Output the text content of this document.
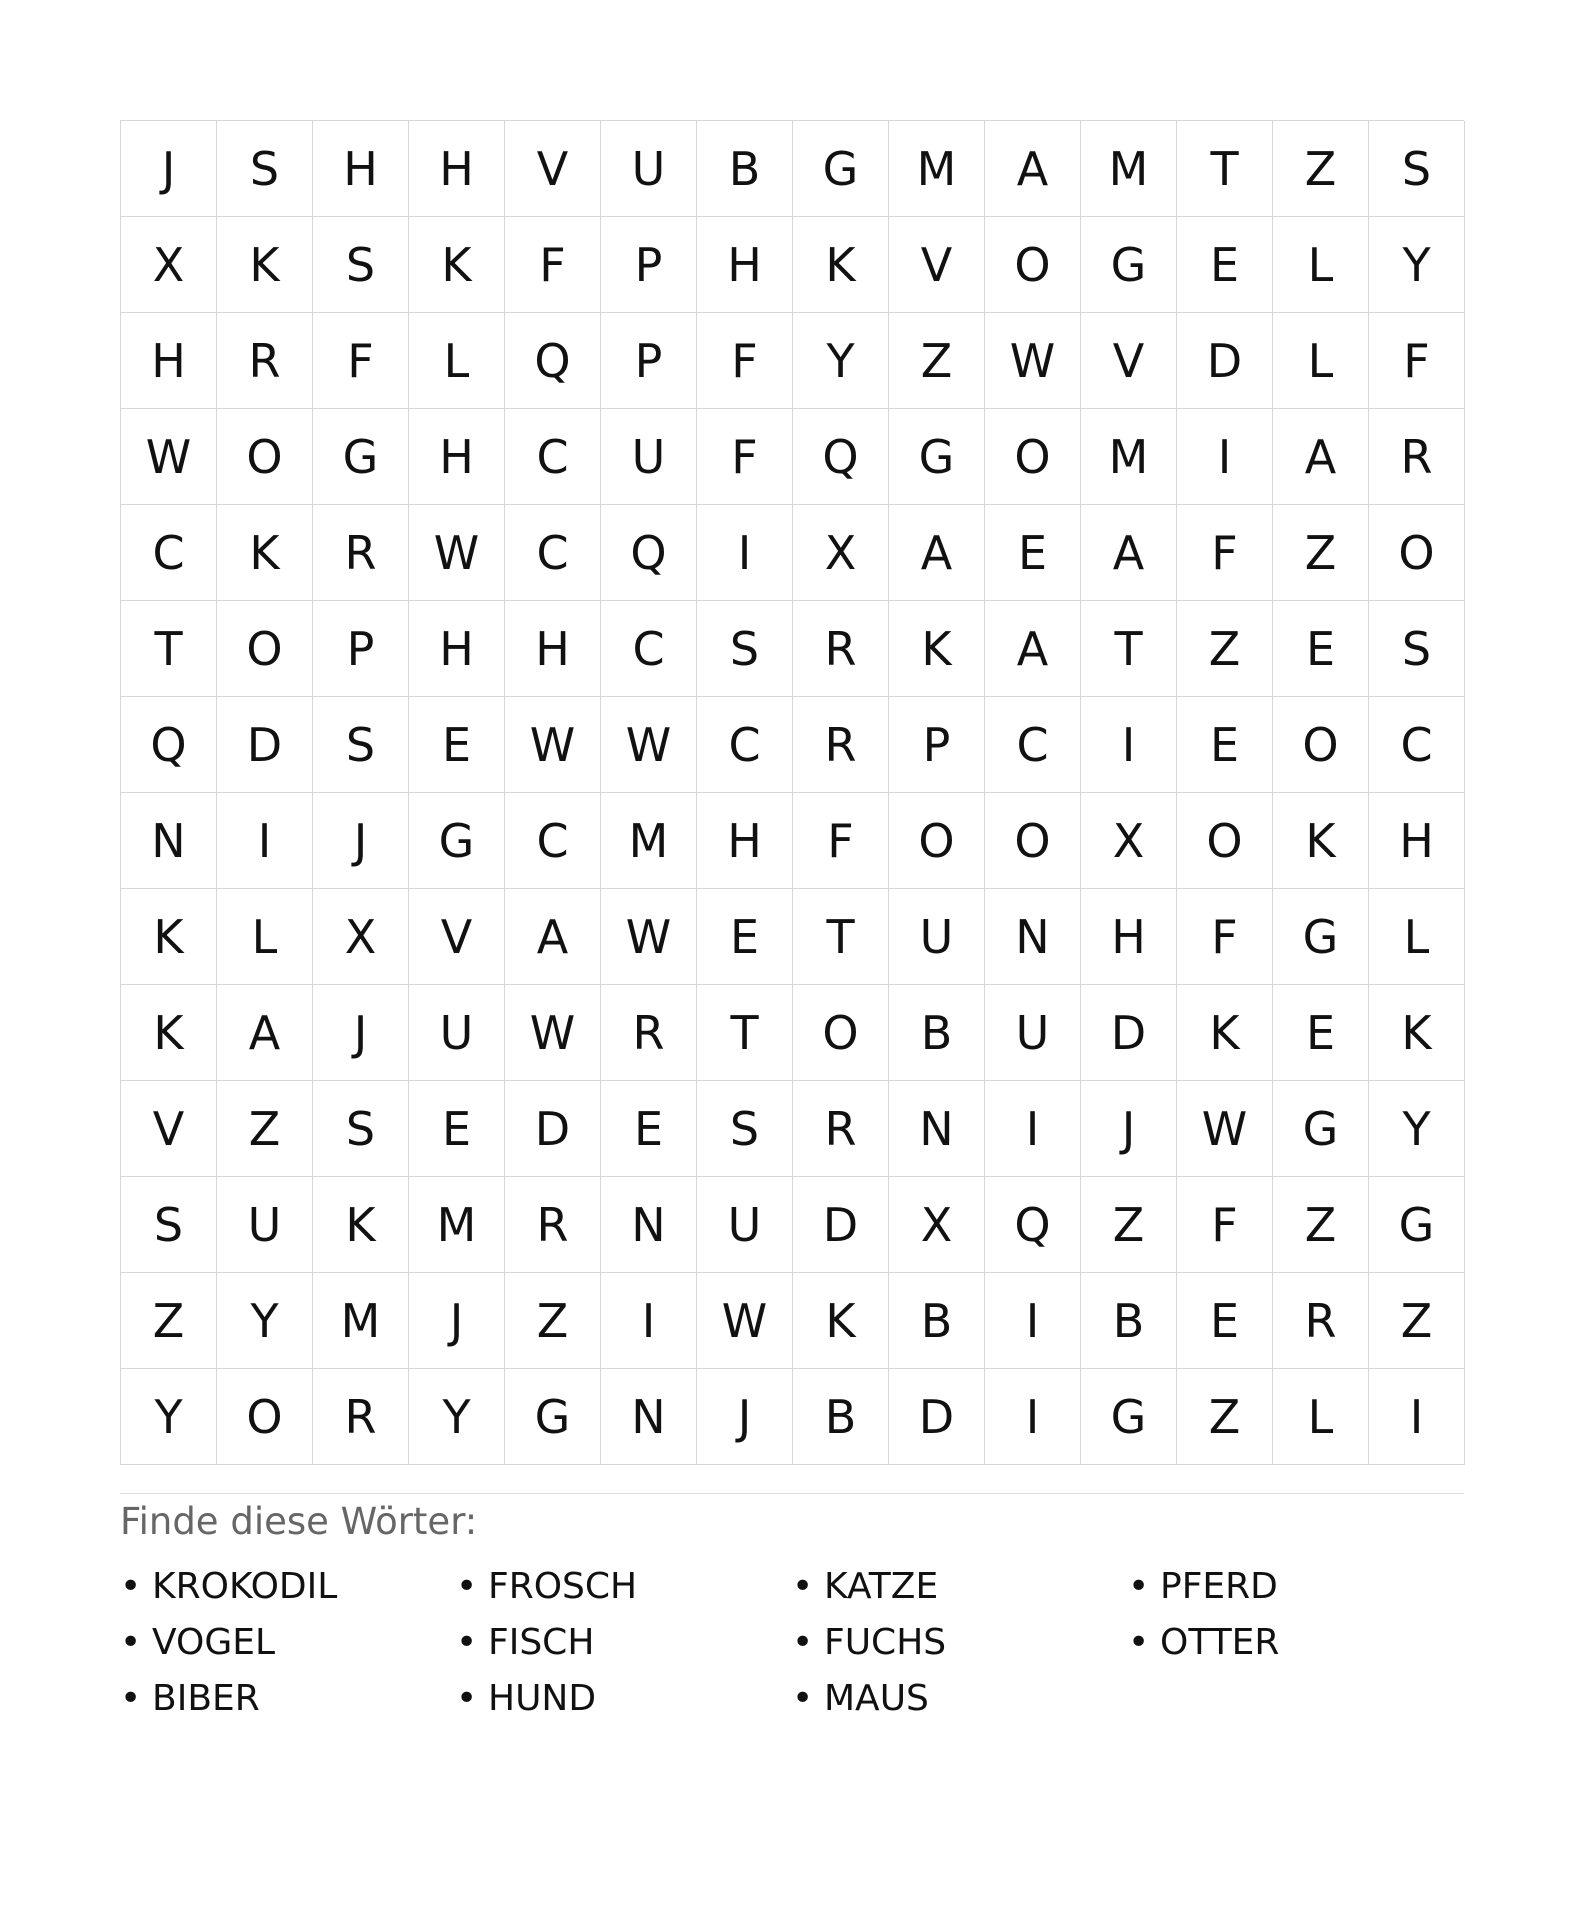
J	S	H	H	V	U	B	G	M	A	M	T	Z	S
X	K	S	K	F	P	H	K	V	O	G	E	L	Y
H	R	F	L	Q	P	F	Y	Z	W	V	D	L	F
W	O	G	H	C	U	F	Q	G	O	M	I	A	R
C	K	R	W	C	Q	I	X	A	E	A	F	Z	O
T	O	P	H	H	C	S	R	K	A	T	Z	E	S
Q	D	S	E	W	W	C	R	P	C	I	E	O	C
N	I	J	G	C	M	H	F	O	O	X	O	K	H
K	L	X	V	A	W	E	T	U	N	H	F	G	L
K	A	J	U	W	R	T	O	B	U	D	K	E	K
V	Z	S	E	D	E	S	R	N	I	J	W	G	Y
S	U	K	M	R	N	U	D	X	Q	Z	F	Z	G
Z	Y	M	J	Z	I	W	K	B	I	B	E	R	Z
Y	O	R	Y	G	N	J	B	D	I	G	Z	L	I
Finde diese Wörter:
• KROKODIL	• FROSCH	• KATZE	• PFERD
• VOGEL	• FISCH	• FUCHS	• OTTER
• BIBER	• HUND	• MAUS
